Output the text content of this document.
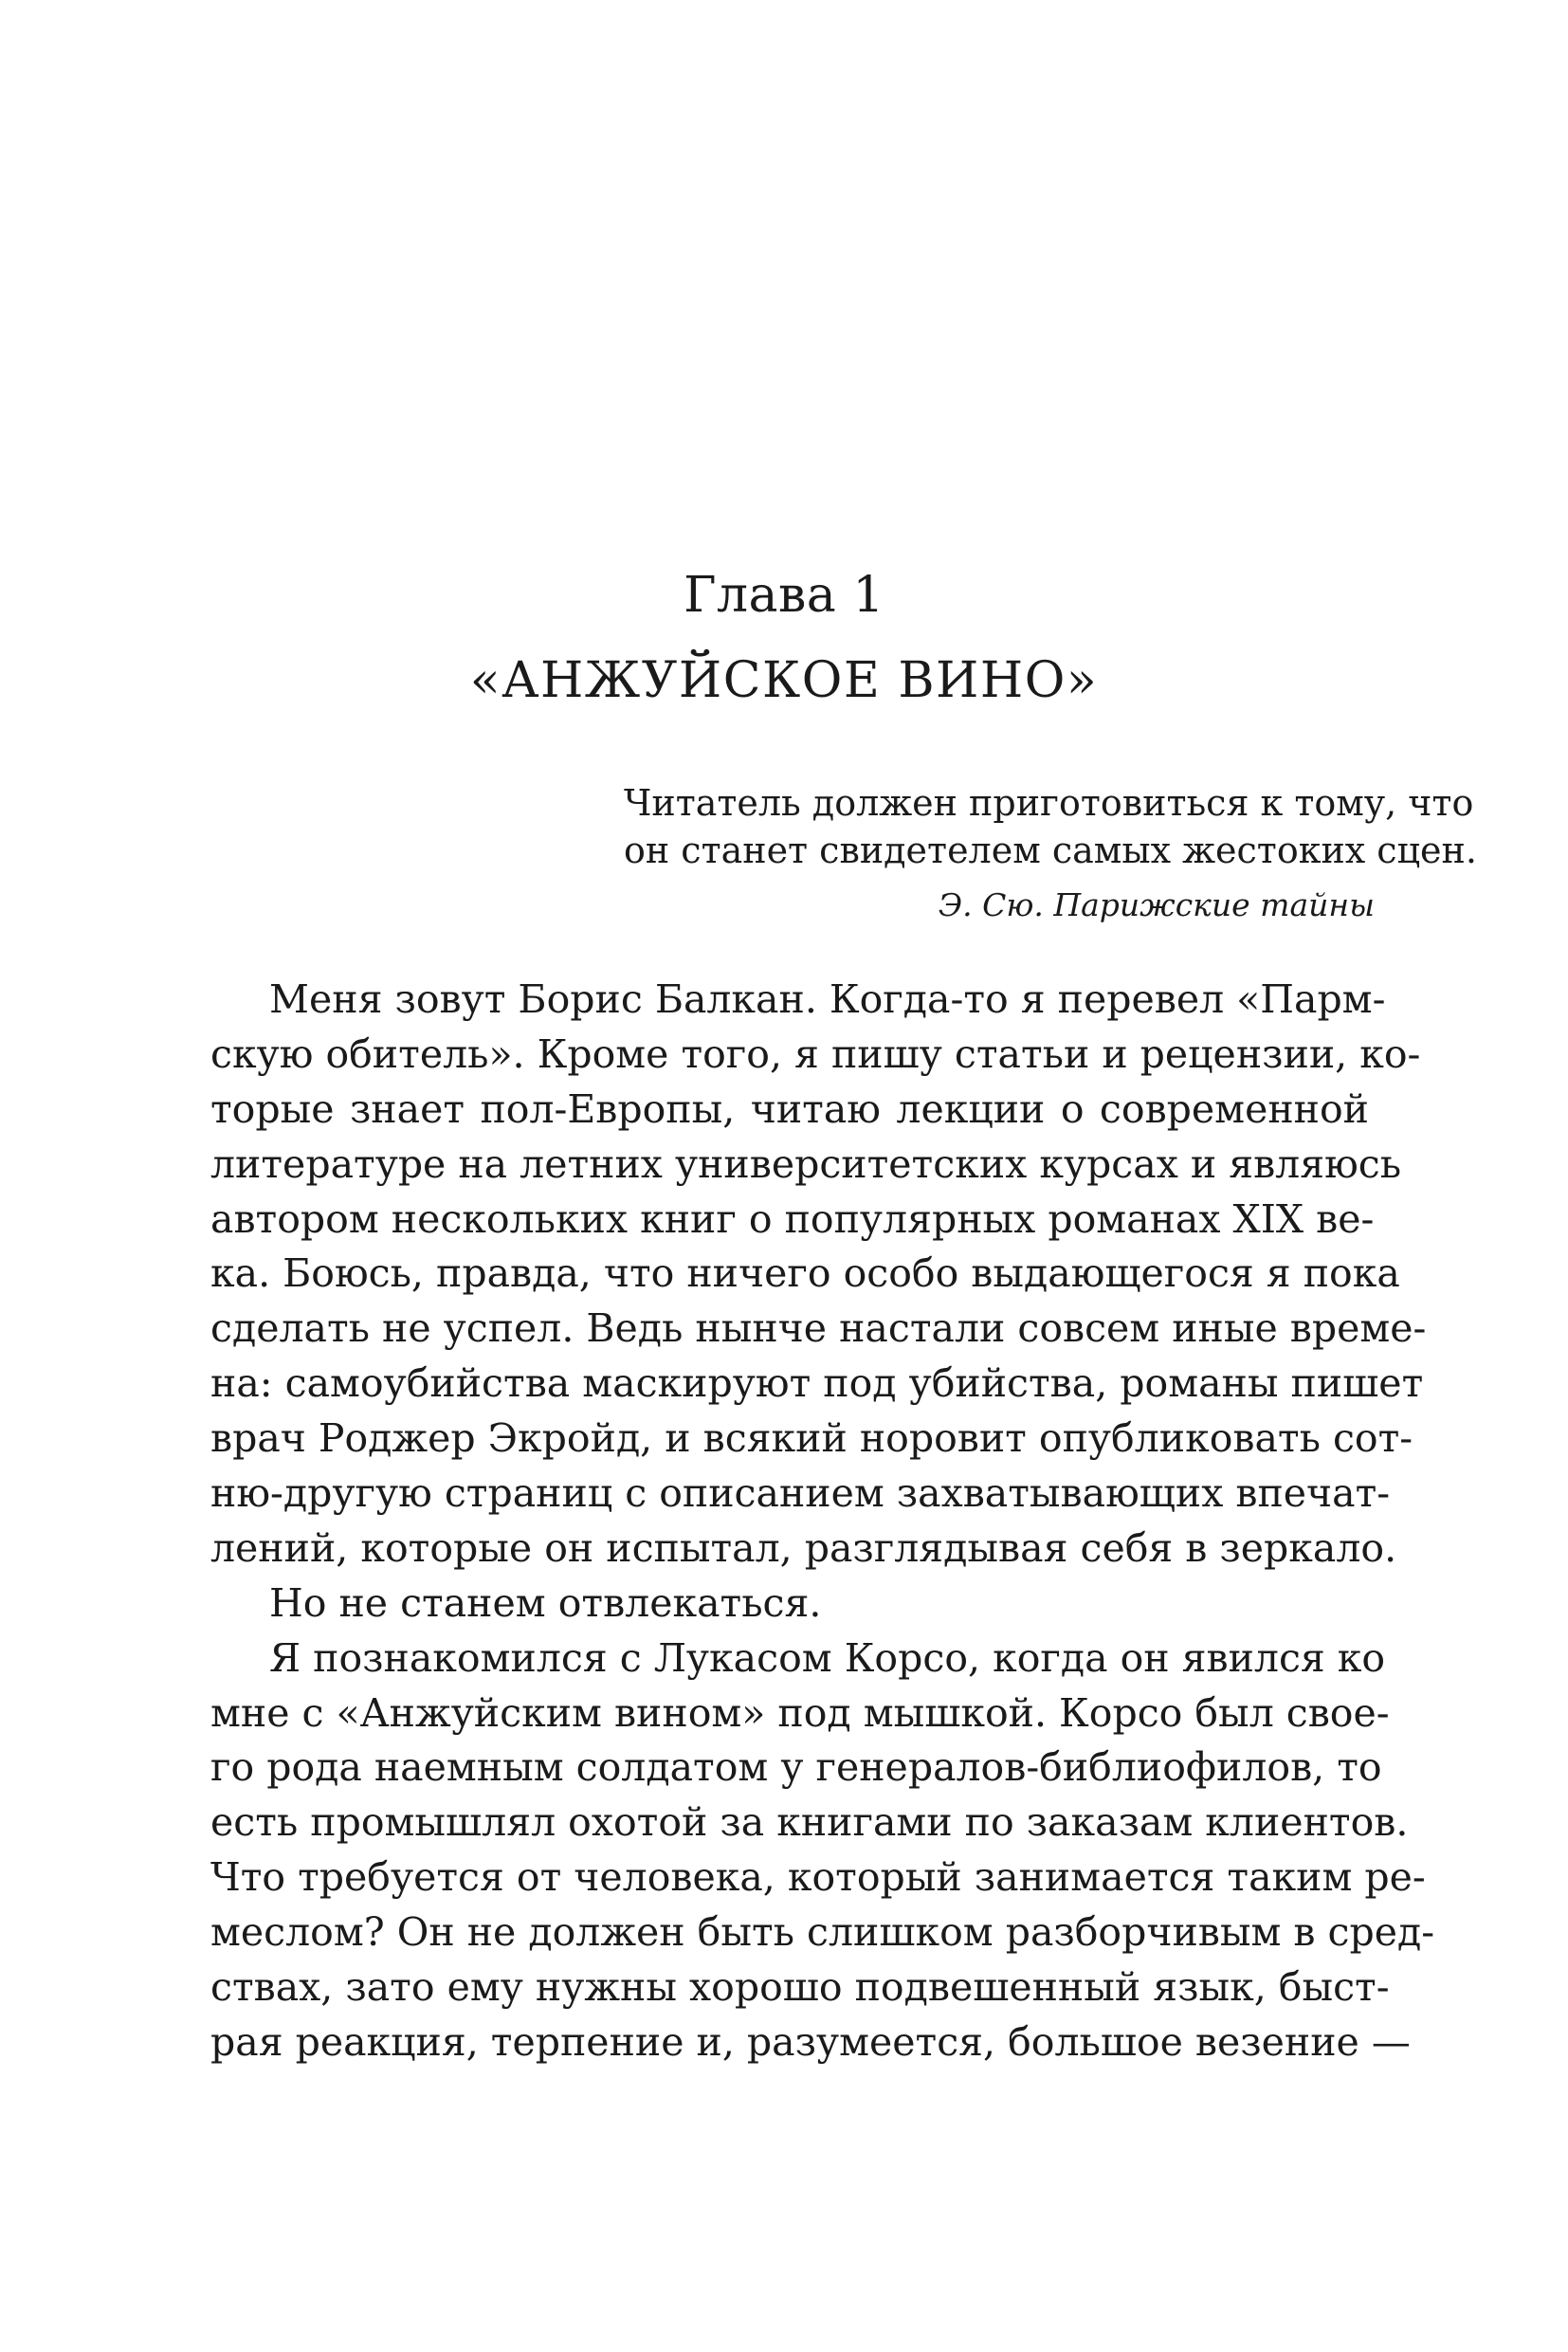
Глава 1
«АНЖУЙСКОЕ ВИНО»
Читатель должен приготовиться к тому, что
он станет свидетелем самых жестоких сцен.
Э. Сю. Парижские тайны
Меня зовут Борис Балкан. Когда-то я перевел «Парм-
скую обитель». Кроме того, я пишу статьи и рецензии, ко-
торые знает пол-Европы, читаю лекции о современной
литературе на летних университетских курсах и являюсь
автором нескольких книг о популярных романах XIX ве-
ка. Боюсь, правда, что ничего особо выдающегося я пока
сделать не успел. Ведь нынче настали совсем иные време-
на: самоубийства маскируют под убийства, романы пишет
врач Роджер Экройд, и всякий норовит опубликовать сот-
ню-другую страниц с описанием захватывающих впечат-
лений, которые он испытал, разглядывая себя в зеркало.
Но не станем отвлекаться.
Я познакомился с Лукасом Корсо, когда он явился ко
мне с «Анжуйским вином» под мышкой. Корсо был свое-
го рода наемным солдатом у генералов-библиофилов, то
есть промышлял охотой за книгами по заказам клиентов.
Что требуется от человека, который занимается таким ре-
меслом? Он не должен быть слишком разборчивым в сред-
ствах, зато ему нужны хорошо подвешенный язык, быст-
рая реакция, терпение и, разумеется, большое везение —
